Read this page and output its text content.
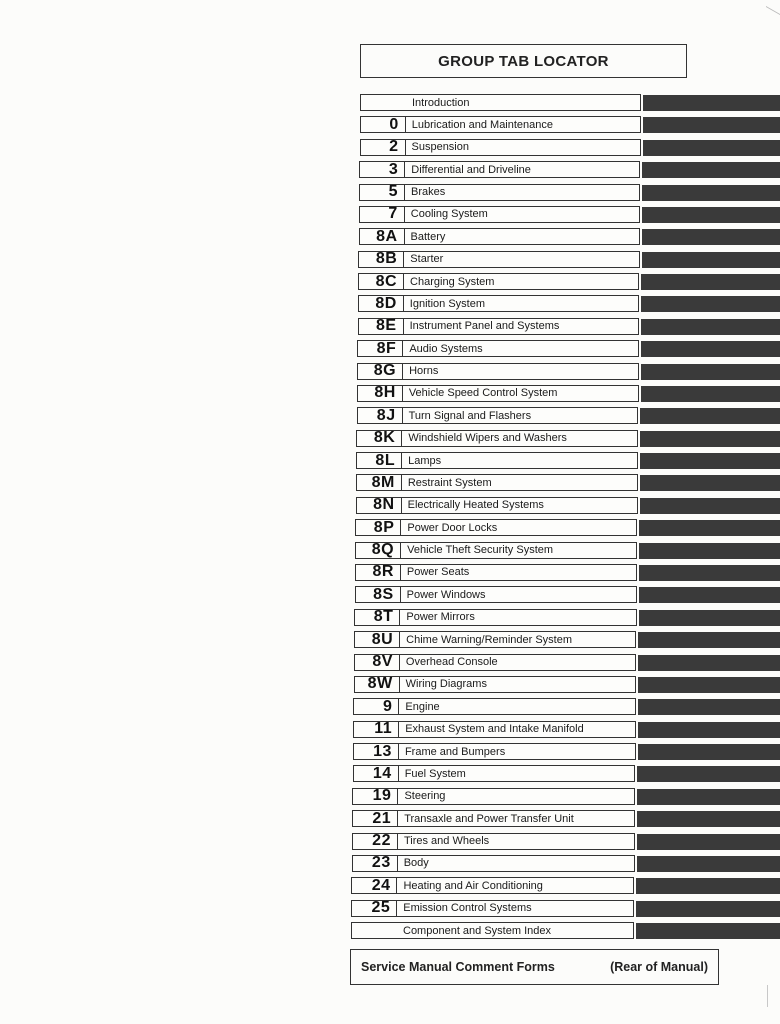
GROUP TAB LOCATOR
Introduction
0	Lubrication and Maintenance
2	Suspension
3	Differential and Driveline
5	Brakes
7	Cooling System
8A	Battery
8B	Starter
8C	Charging System
8D	Ignition System
8E	Instrument Panel and Systems
8F	Audio Systems
8G	Horns
8H	Vehicle Speed Control System
8J	Turn Signal and Flashers
8K	Windshield Wipers and Washers
8L	Lamps
8M	Restraint System
8N	Electrically Heated Systems
8P	Power Door Locks
8Q	Vehicle Theft Security System
8R	Power Seats
8S	Power Windows
8T	Power Mirrors
8U	Chime Warning/Reminder System
8V	Overhead Console
8W	Wiring Diagrams
9	Engine
11	Exhaust System and Intake Manifold
13	Frame and Bumpers
14	Fuel System
19	Steering
21	Transaxle and Power Transfer Unit
22	Tires and Wheels
23	Body
24	Heating and Air Conditioning
25	Emission Control Systems
Component and System Index
Service Manual Comment Forms	(Rear of Manual)
